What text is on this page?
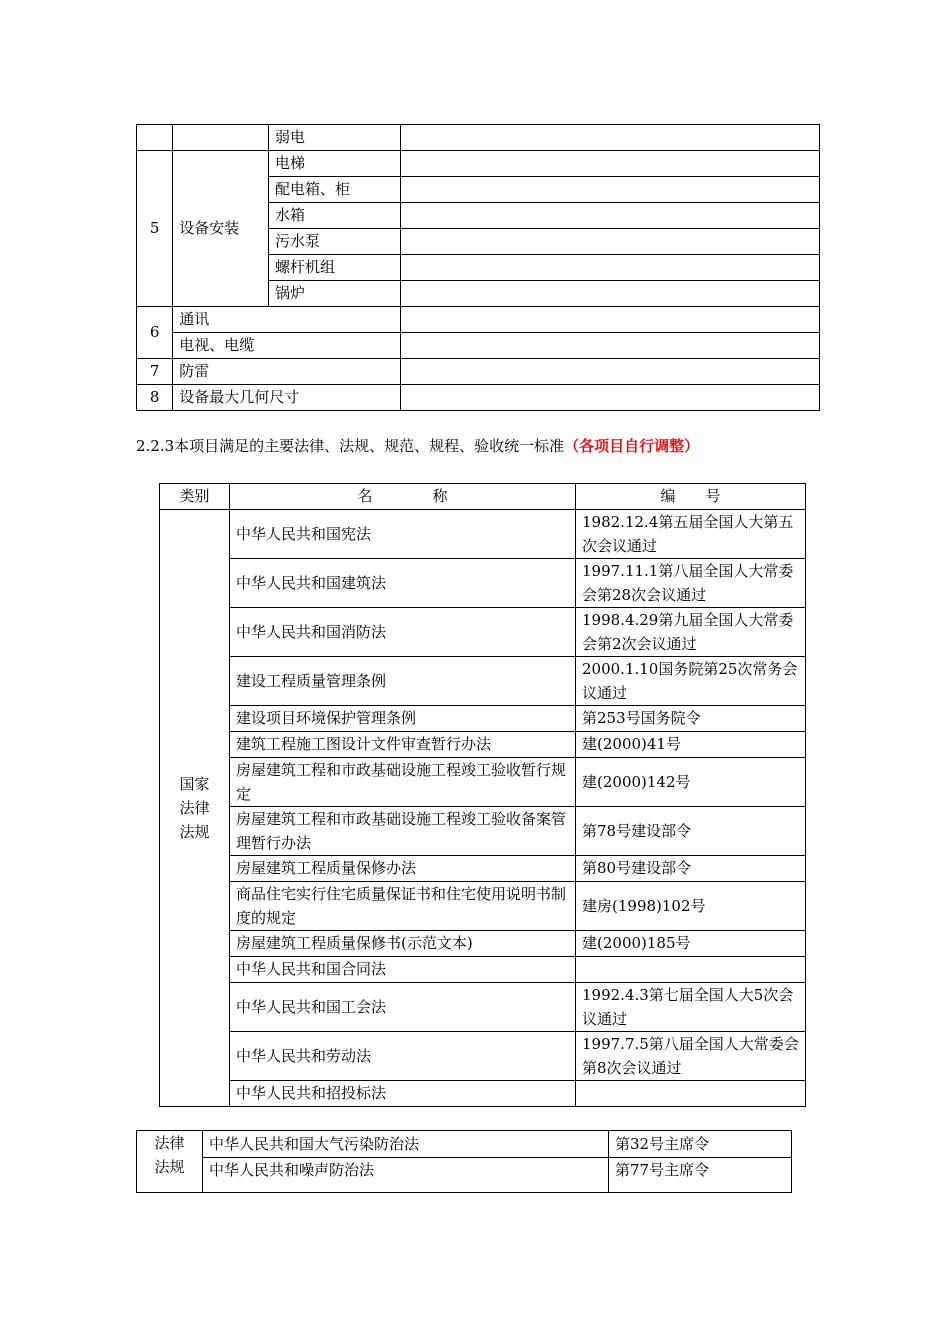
		弱电	
5	设备安装	电梯	
		配电箱、柜	
		水箱	
		污水泵	
		螺杆机组	
		锅炉	
6	通讯		
	电视、电缆		
7	防雷		
8	设备最大几何尺寸		
2.2.3本项目满足的主要法律、法规、规范、规程、验收统一标准（各项目自行调整）
类别	名　　　　称	编　　号

国家
法律
法规	中华人民共和国宪法	1982.12.4第五届全国人大第五次会议通过
	中华人民共和国建筑法	1997.11.1第八届全国人大常委会第28次会议通过
	中华人民共和国消防法	1998.4.29第九届全国人大常委会第2次会议通过
	建设工程质量管理条例	2000.1.10国务院第25次常务会议通过
	建设项目环境保护管理条例	第253号国务院令
	建筑工程施工图设计文件审查暂行办法	建(2000)41号
	房屋建筑工程和市政基础设施工程竣工验收暂行规定	建(2000)142号
	房屋建筑工程和市政基础设施工程竣工验收备案管理暂行办法	第78号建设部令
	房屋建筑工程质量保修办法	第80号建设部令
	商品住宅实行住宅质量保证书和住宅使用说明书制度的规定	建房(1998)102号
	房屋建筑工程质量保修书(示范文本)	建(2000)185号
	中华人民共和国合同法	
	中华人民共和国工会法	1992.4.3第七届全国人大5次会议通过
	中华人民共和劳动法	1997.7.5第八届全国人大常委会第8次会议通过
	中华人民共和招投标法	
法律
法规	中华人民共和国大气污染防治法	第32号主席令
	中华人民共和噪声防治法	第77号主席令
